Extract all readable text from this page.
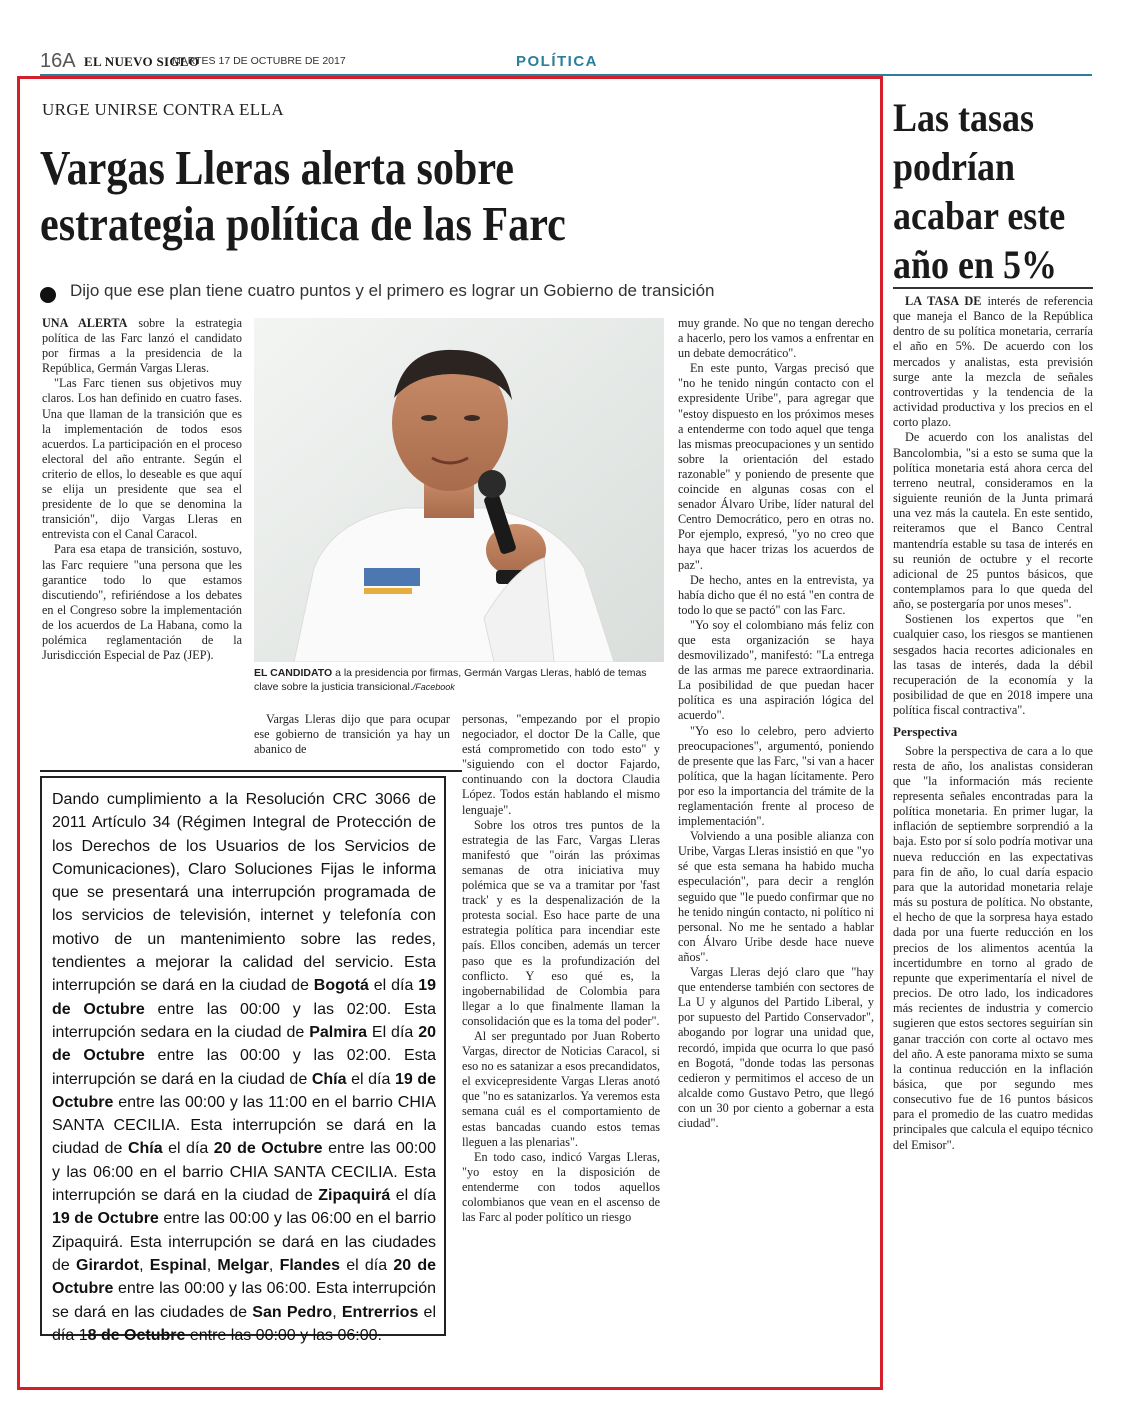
16A EL NUEVO SIGLO
MARTES 17 DE OCTUBRE DE 2017	POLÍTICA
URGE UNIRSE CONTRA ELLA
Vargas Lleras alerta sobre
estrategia política de las Farc
Dijo que ese plan tiene cuatro puntos y el primero es lograr un Gobierno de transición

UNA ALERTA sobre la estrategia política de las Farc lanzó el candidato por firmas a la presidencia de la República, Germán Vargas Lleras.

"Las Farc tienen sus objetivos muy claros. Los han definido en cuatro fases. Una que llaman de la transición que es la implementación de todos esos acuerdos. La participación en el proceso electoral del año entrante. Según el criterio de ellos, lo deseable es que aquí se elija un presidente que sea el presidente de lo que se denomina la transición", dijo Vargas Lleras en entrevista con el Canal Caracol.

Para esa etapa de transición, sostuvo, las Farc requiere "una persona que les garantice todo lo que estamos discutiendo", refiriéndose a los debates en el Congreso sobre la implementación de los acuerdos de La Habana, como la polémica reglamentación de la Jurisdicción Especial de Paz (JEP).

EL CANDIDATO a la presidencia por firmas, Germán Vargas Lleras, habló de temas clave sobre la justicia transicional./Facebook

Vargas Lleras dijo que para ocupar ese gobierno de transición ya hay un abanico de

personas, "empezando por el propio negociador, el doctor De la Calle, que está comprometido con todo esto" y "siguiendo con el doctor Fajardo, continuando con la doctora Claudia López. Todos están hablando el mismo lenguaje".

Sobre los otros tres puntos de la estrategia de las Farc, Vargas Lleras manifestó que "oirán las próximas semanas de otra iniciativa muy polémica que se va a tramitar por 'fast track' y es la despenalización de la protesta social. Eso hace parte de una estrategia política para incendiar este país. Ellos conciben, además un tercer paso que es la profundización del conflicto. Y eso qué es, la ingobernabilidad de Colombia para llegar a lo que finalmente llaman la consolidación que es la toma del poder".

Al ser preguntado por Juan Roberto Vargas, director de Noticias Caracol, si eso no es satanizar a esos precandidatos, el exvicepresidente Vargas Lleras anotó que "no es satanizarlos. Ya veremos esta semana cuál es el comportamiento de estas bancadas cuando estos temas lleguen a las plenarias".

En todo caso, indicó Vargas Lleras, "yo estoy en la disposición de entenderme con todos aquellos colombianos que vean en el ascenso de las Farc al poder político un riesgo

muy grande. No que no tengan derecho a hacerlo, pero los vamos a enfrentar en un debate democrático".

En este punto, Vargas precisó que "no he tenido ningún contacto con el expresidente Uribe", para agregar que "estoy dispuesto en los próximos meses a entenderme con todo aquel que tenga las mismas preocupaciones y un sentido sobre la orientación del estado razonable" y poniendo de presente que coincide en algunas cosas con el senador Álvaro Uribe, líder natural del Centro Democrático, pero en otras no. Por ejemplo, expresó, "yo no creo que haya que hacer trizas los acuerdos de paz".

De hecho, antes en la entrevista, ya había dicho que él no está "en contra de todo lo que se pactó" con las Farc.

"Yo soy el colombiano más feliz con que esta organización se haya desmovilizado", manifestó: "La entrega de las armas me parece extraordinaria. La posibilidad de que puedan hacer política es una aspiración lógica del acuerdo".

"Yo eso lo celebro, pero advierto preocupaciones", argumentó, poniendo de presente que las Farc, "si van a hacer política, que la hagan lícitamente. Pero por eso la importancia del trámite de la reglamentación frente al proceso de implementación".

Volviendo a una posible alianza con Uribe, Vargas Lleras insistió en que "yo sé que esta semana ha habido mucha especulación", para decir a renglón seguido que "le puedo confirmar que no he tenido ningún contacto, ni político ni personal. No me he sentado a hablar con Álvaro Uribe desde hace nueve años".

Vargas Lleras dejó claro que "hay que entenderse también con sectores de La U y algunos del Partido Liberal, y por supuesto del Partido Conservador", abogando por lograr una unidad que, recordó, impida que ocurra lo que pasó en Bogotá, "donde todas las personas cedieron y permitimos el acceso de un alcalde como Gustavo Petro, que llegó con un 30 por ciento a gobernar a esta ciudad".

Dando cumplimiento a la Resolución CRC 3066 de 2011 Artículo 34 (Régimen Integral de Protección de los Derechos de los Usuarios de los Servicios de Comunicaciones), Claro Soluciones Fijas le informa que se presentará una interrupción programada de los servicios de televisión, internet y telefonía con motivo de un mantenimiento sobre las redes, tendientes a mejorar la calidad del servicio. Esta interrupción se dará en la ciudad de Bogotá el día 19 de Octubre entre las 00:00 y las 02:00. Esta interrupción sedara en la ciudad de Palmira El día 20 de Octubre entre las 00:00 y las 02:00. Esta interrupción se dará en la ciudad de Chía el día 19 de Octubre entre las 00:00 y las 11:00 en el barrio CHIA SANTA CECILIA. Esta interrupción se dará en la ciudad de Chía el día 20 de Octubre entre las 00:00 y las 06:00 en el barrio CHIA SANTA CECILIA. Esta interrupción se dará en la ciudad de Zipaquirá el día 19 de Octubre entre las 00:00 y las 06:00 en el barrio Zipaquirá. Esta interrupción se dará en las ciudades de Girardot, Espinal, Melgar, Flandes el día 20 de Octubre entre las 00:00 y las 06:00. Esta interrupción se dará en las ciudades de San Pedro, Entrerrios el día 18 de Octubre entre las 00:00 y las 06:00.
Las tasas
podrían
acabar este
año en 5%

LA TASA DE interés de referencia que maneja el Banco de la República dentro de su política monetaria, cerraría el año en 5%. De acuerdo con los mercados y analistas, esta previsión surge ante la mezcla de señales controvertidas y la tendencia de la actividad productiva y los precios en el corto plazo.

De acuerdo con los analistas del Bancolombia, "si a esto se suma que la política monetaria está ahora cerca del terreno neutral, consideramos en la siguiente reunión de la Junta primará una vez más la cautela. En este sentido, reiteramos que el Banco Central mantendría estable su tasa de interés en su reunión de octubre y el recorte adicional de 25 puntos básicos, que contemplamos para lo que queda del año, se postergaría por unos meses".

Sostienen los expertos que "en cualquier caso, los riesgos se mantienen sesgados hacia recortes adicionales en las tasas de interés, dada la débil recuperación de la economía y la posibilidad de que en 2018 impere una política fiscal contractiva".

Perspectiva

Sobre la perspectiva de cara a lo que resta de año, los analistas consideran que "la información más reciente representa señales encontradas para la política monetaria. En primer lugar, la inflación de septiembre sorprendió a la baja. Esto por sí solo podría motivar una nueva reducción en las expectativas para fin de año, lo cual daría espacio para que la autoridad monetaria relaje más su postura de política. No obstante, el hecho de que la sorpresa haya estado dada por una fuerte reducción en los precios de los alimentos acentúa la incertidumbre en torno al grado de repunte que experimentaría el nivel de precios. De otro lado, los indicadores más recientes de industria y comercio sugieren que estos sectores seguirían sin ganar tracción con corte al octavo mes del año. A este panorama mixto se suma la continua reducción en la inflación básica, que por segundo mes consecutivo fue de 16 puntos básicos para el promedio de las cuatro medidas principales que calcula el equipo técnico del Emisor".
